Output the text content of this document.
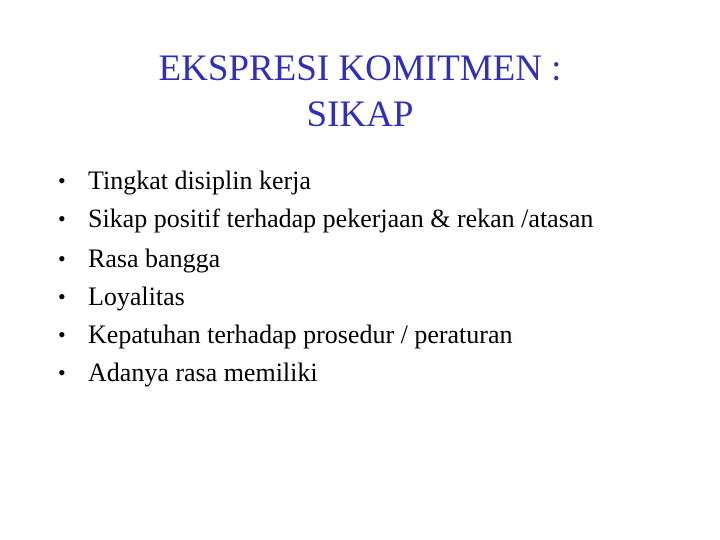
EKSPRESI KOMITMEN :
SIKAP
• Tingkat disiplin kerja
• Sikap positif terhadap pekerjaan & rekan /atasan
• Rasa bangga
• Loyalitas
• Kepatuhan terhadap prosedur / peraturan
• Adanya rasa memiliki
